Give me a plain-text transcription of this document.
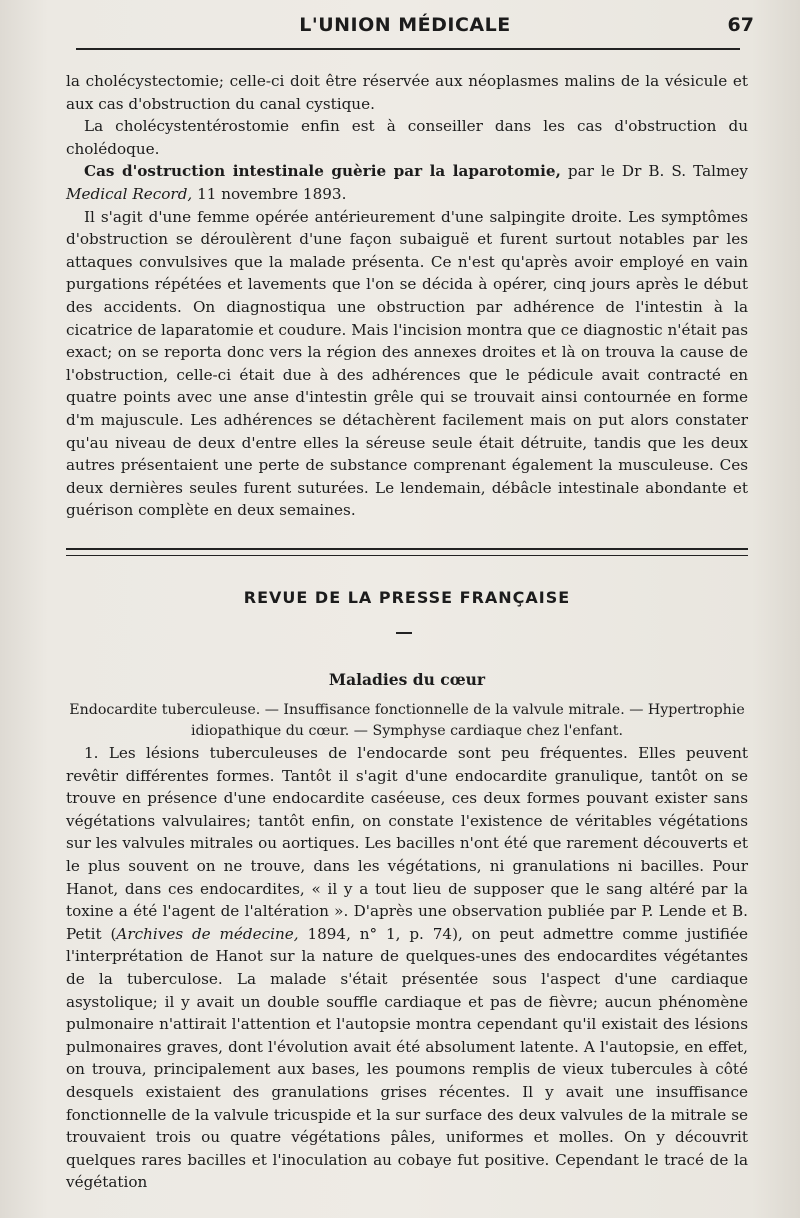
L'UNION MÉDICALE	67

la cholécystectomie; celle-ci doit être réservée aux néoplasmes malins de la vésicule et aux cas d'obstruction du canal cystique.

La cholécystentérostomie enfin est à conseiller dans les cas d'obstruction du cholédoque.

Cas d'ostruction intestinale guèrie par la laparotomie, par le Dr B. S. Talmey Medical Record, 11 novembre 1893.

Il s'agit d'une femme opérée antérieurement d'une salpingite droite. Les symptômes d'obstruction se déroulèrent d'une façon subaiguë et furent surtout notables par les attaques convulsives que la malade présenta. Ce n'est qu'après avoir employé en vain purgations répétées et lavements que l'on se décida à opérer, cinq jours après le début des accidents. On diagnostiqua une obstruction par adhérence de l'intestin à la cicatrice de laparatomie et coudure. Mais l'incision montra que ce diagnostic n'était pas exact; on se reporta donc vers la région des annexes droites et là on trouva la cause de l'obstruction, celle-ci était due à des adhérences que le pédicule avait contracté en quatre points avec une anse d'intestin grêle qui se trouvait ainsi contournée en forme d'm majuscule. Les adhérences se détachèrent facilement mais on put alors constater qu'au niveau de deux d'entre elles la séreuse seule était détruite, tandis que les deux autres présentaient une perte de substance comprenant également la musculeuse. Ces deux dernières seules furent suturées. Le lendemain, débâcle intestinale abondante et guérison complète en deux semaines.

REVUE DE LA PRESSE FRANÇAISE
Maladies du cœur
Endocardite tuberculeuse. — Insuffisance fonctionnelle de la valvule mitrale. — Hypertrophie idiopathique du cœur. — Symphyse cardiaque chez l'enfant.

1. Les lésions tuberculeuses de l'endocarde sont peu fréquentes. Elles peuvent revêtir différentes formes. Tantôt il s'agit d'une endocardite granulique, tantôt on se trouve en présence d'une endocardite caséeuse, ces deux formes pouvant exister sans végétations valvulaires; tantôt enfin, on constate l'existence de véritables végétations sur les valvules mitrales ou aortiques. Les bacilles n'ont été que rarement découverts et le plus souvent on ne trouve, dans les végétations, ni granulations ni bacilles. Pour Hanot, dans ces endocardites, « il y a tout lieu de supposer que le sang altéré par la toxine a été l'agent de l'altération ». D'après une observation publiée par P. Lende et B. Petit (Archives de médecine, 1894, n° 1, p. 74), on peut admettre comme justifiée l'interprétation de Hanot sur la nature de quelques-unes des endocardites végétantes de la tuberculose. La malade s'était présentée sous l'aspect d'une cardiaque asystolique; il y avait un double souffle cardiaque et pas de fièvre; aucun phénomène pulmonaire n'attirait l'attention et l'autopsie montra cependant qu'il existait des lésions pulmonaires graves, dont l'évolution avait été absolument latente. A l'autopsie, en effet, on trouva, principalement aux bases, les poumons remplis de vieux tubercules à côté desquels existaient des granulations grises récentes. Il y avait une insuffisance fonctionnelle de la valvule tricuspide et la sur surface des deux valvules de la mitrale se trouvaient trois ou quatre végétations pâles, uniformes et molles. On y découvrit quelques rares bacilles et l'inoculation au cobaye fut positive. Cependant le tracé de la végétation
